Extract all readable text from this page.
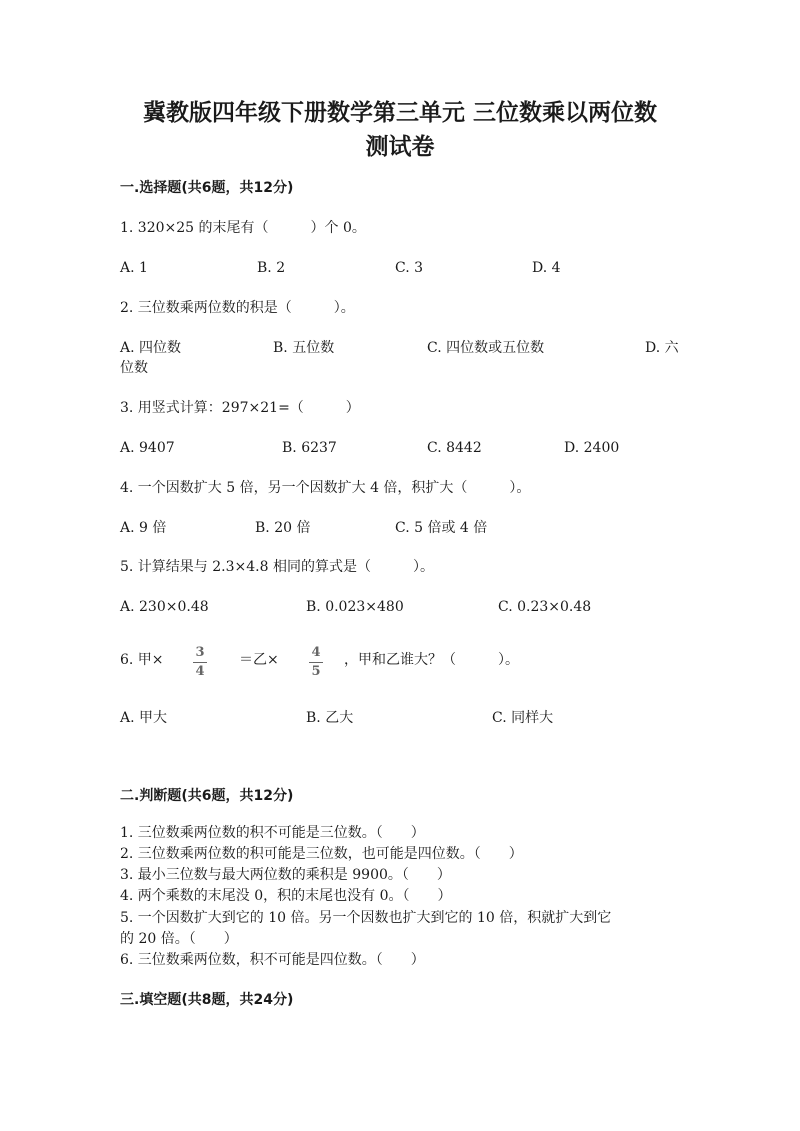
冀教版四年级下册数学第三单元 三位数乘以两位数
测试卷
一.选择题(共6题，共12分)
1. 320×25 的末尾有（　　　）个 0。
A. 1	B. 2	C. 3	D. 4
2. 三位数乘两位数的积是（　　　）。
A. 四位数	B. 五位数	C. 四位数或五位数	D. 六
位数
3. 用竖式计算：297×21=（　　　）
A. 9407	B. 6237	C. 8442	D. 2400
4. 一个因数扩大 5 倍，另一个因数扩大 4 倍，积扩大（　　　）。
A. 9 倍	B. 20 倍	C. 5 倍或 4 倍
5. 计算结果与 2.3×4.8 相同的算式是（　　　）。
A. 230×0.48	B. 0.023×480	C. 0.23×0.48
6. 甲×	3
4
＝乙×	4
5
，甲和乙谁大？（　　　）。
A. 甲大	B. 乙大	C. 同样大
二.判断题(共6题，共12分)
1. 三位数乘两位数的积不可能是三位数。（　　）
2. 三位数乘两位数的积可能是三位数，也可能是四位数。（　　）
3. 最小三位数与最大两位数的乘积是 9900。（　　）
4. 两个乘数的末尾没 0，积的末尾也没有 0。（　　）
5. 一个因数扩大到它的 10 倍。另一个因数也扩大到它的 10 倍，积就扩大到它
的 20 倍。（　　）
6. 三位数乘两位数，积不可能是四位数。（　　）
三.填空题(共8题，共24分)
